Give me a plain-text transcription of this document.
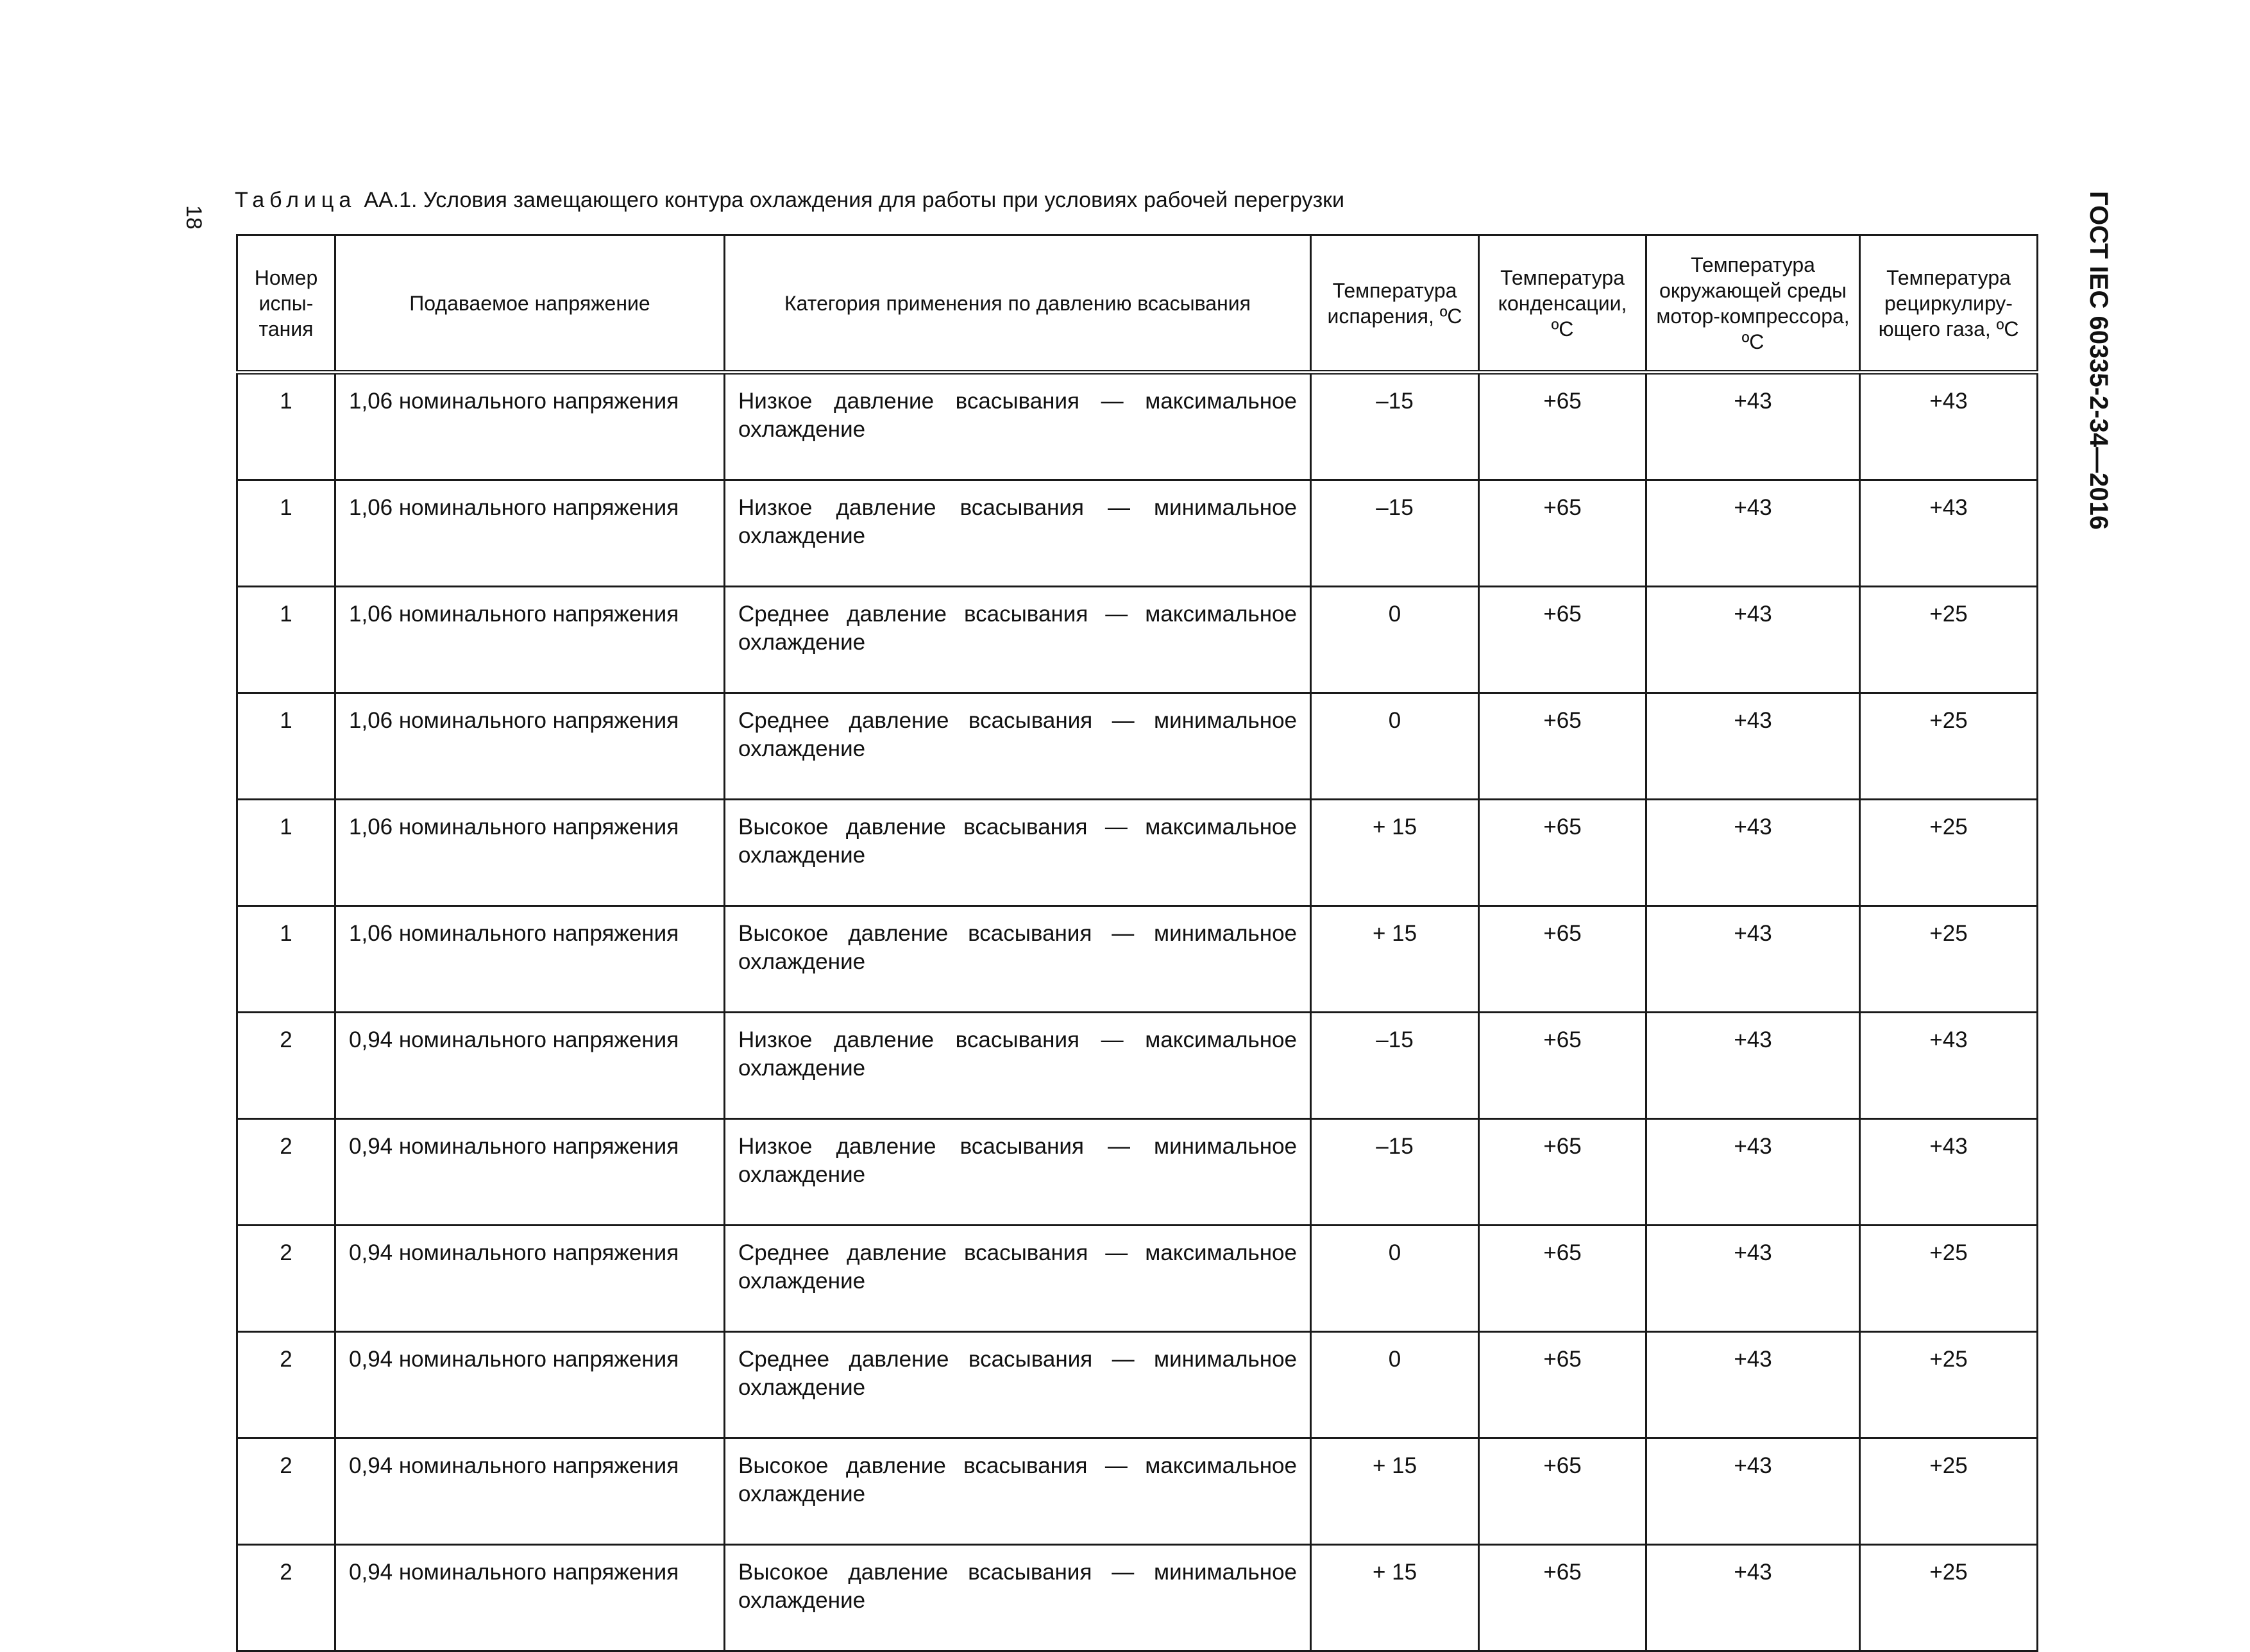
18
Таблица АА.1. Условия замещающего контура охлаждения для работы при условиях рабочей перегрузки	ГОСТ IEC 60335-2-34—2016
Номер испы-тания	Подаваемое напряжение	Категория применения по давлению всасывания	Температура испарения, ºC	Температура конденсации, ºC	Температура окружающей среды мотор-компрессора, ºC	Температура рециркулиру-ющего газа, ºC
1	1,06 номинального напряжения	Низкое давление всасывания — максимальное охлаждение	–15	+65	+43	+43
1	1,06 номинального напряжения	Низкое давление всасывания — минимальное охлаждение	–15	+65	+43	+43
1	1,06 номинального напряжения	Среднее давление всасывания — максимальное охлаждение	0	+65	+43	+25
1	1,06 номинального напряжения	Среднее давление всасывания — минимальное охлаждение	0	+65	+43	+25
1	1,06 номинального напряжения	Высокое давление всасывания — максимальное охлаждение	+ 15	+65	+43	+25
1	1,06 номинального напряжения	Высокое давление всасывания — минимальное охлаждение	+ 15	+65	+43	+25
2	0,94 номинального напряжения	Низкое давление всасывания — максимальное охлаждение	–15	+65	+43	+43
2	0,94 номинального напряжения	Низкое давление всасывания — минимальное охлаждение	–15	+65	+43	+43
2	0,94 номинального напряжения	Среднее давление всасывания — максимальное охлаждение	0	+65	+43	+25
2	0,94 номинального напряжения	Среднее давление всасывания — минимальное охлаждение	0	+65	+43	+25
2	0,94 номинального напряжения	Высокое давление всасывания — максимальное охлаждение	+ 15	+65	+43	+25
2	0,94 номинального напряжения	Высокое давление всасывания — минимальное охлаждение	+ 15	+65	+43	+25
